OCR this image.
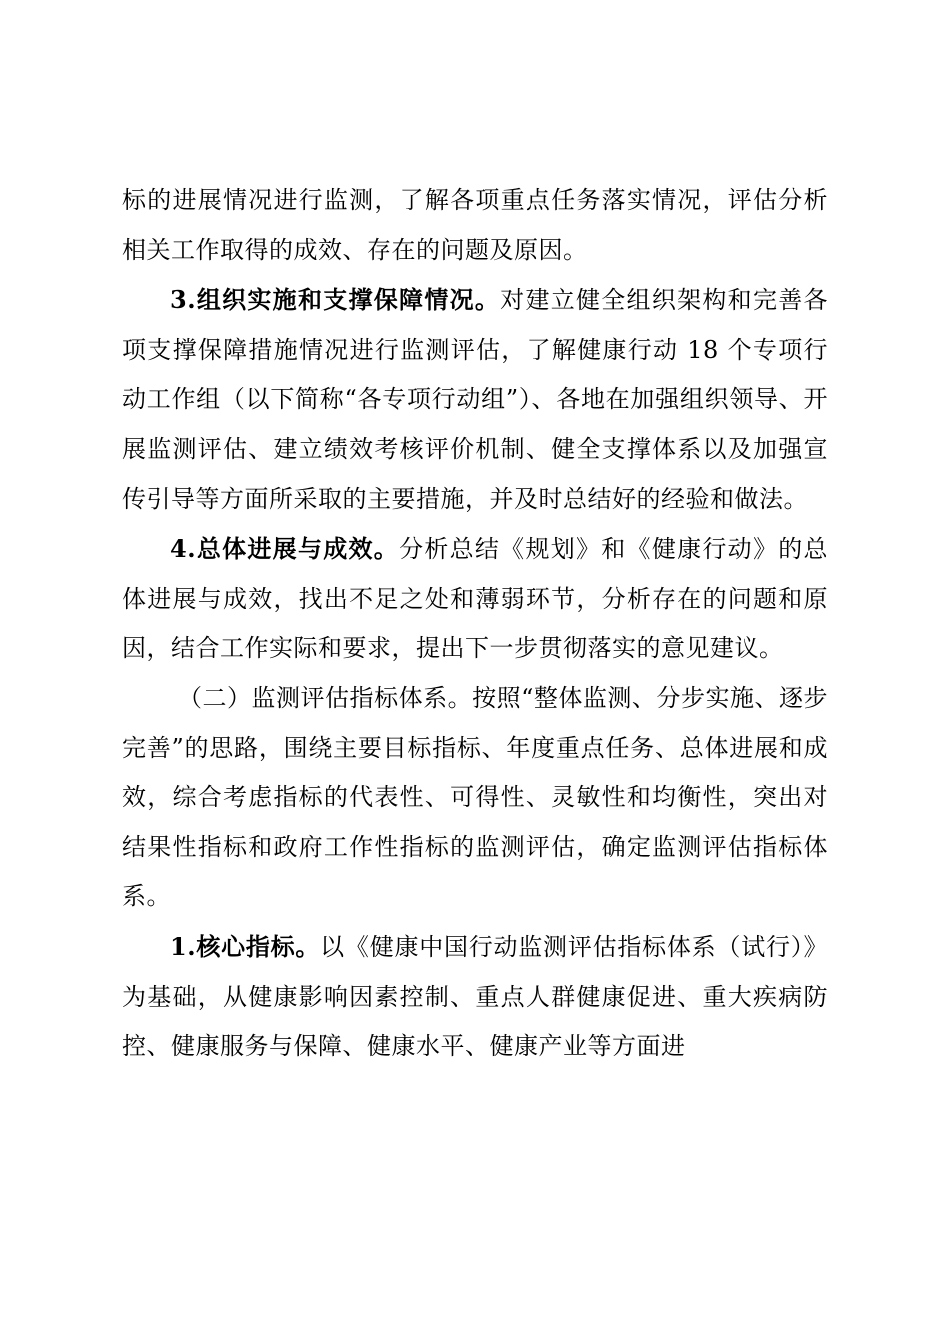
标的进展情况进行监测，了解各项重点任务落实情况，评估分析相关工作取得的成效、存在的问题及原因。

3.组织实施和支撑保障情况。对建立健全组织架构和完善各项支撑保障措施情况进行监测评估，了解健康行动 18 个专项行动工作组（以下简称“各专项行动组”）、各地在加强组织领导、开展监测评估、建立绩效考核评价机制、健全支撑体系以及加强宣传引导等方面所采取的主要措施，并及时总结好的经验和做法。

4.总体进展与成效。分析总结《规划》和《健康行动》的总体进展与成效，找出不足之处和薄弱环节，分析存在的问题和原因，结合工作实际和要求，提出下一步贯彻落实的意见建议。

（二）监测评估指标体系。按照“整体监测、分步实施、逐步完善”的思路，围绕主要目标指标、年度重点任务、总体进展和成效，综合考虑指标的代表性、可得性、灵敏性和均衡性，突出对结果性指标和政府工作性指标的监测评估，确定监测评估指标体系。

1.核心指标。以《健康中国行动监测评估指标体系（试行）》为基础，从健康影响因素控制、重点人群健康促进、重大疾病防控、健康服务与保障、健康水平、健康产业等方面进
